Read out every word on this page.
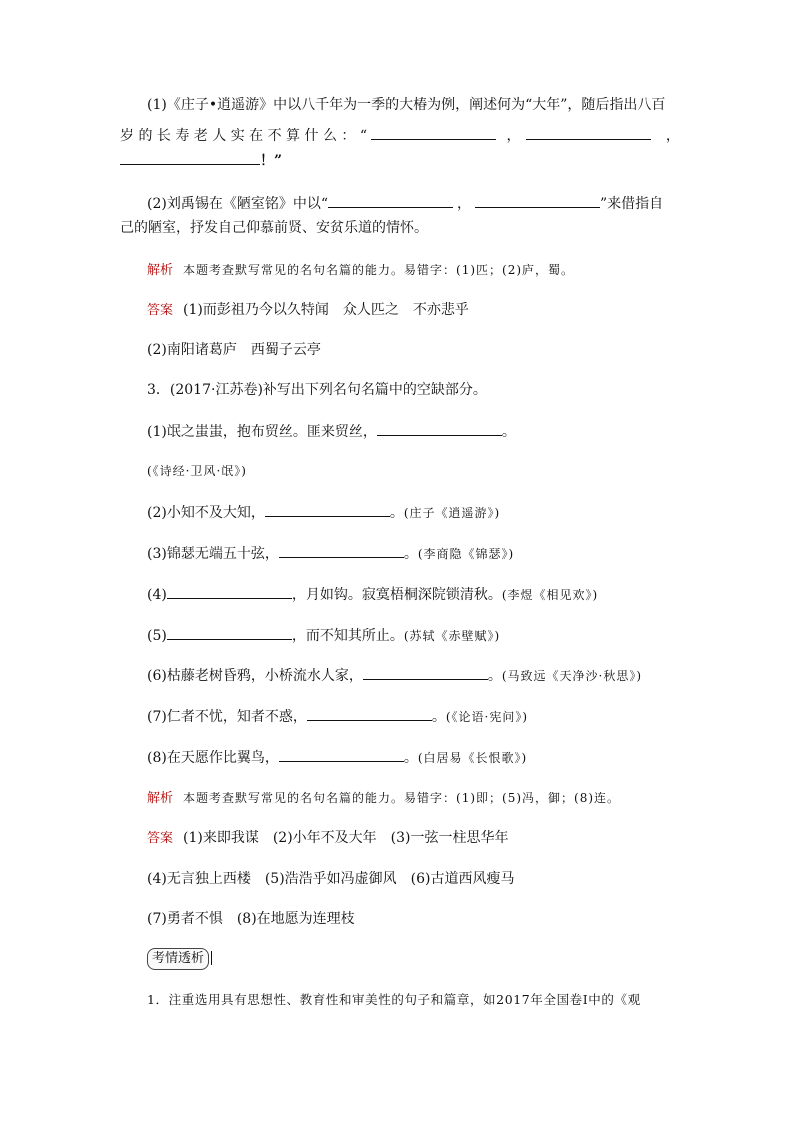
(1)《庄子•逍遥游》中以八千年为一季的大椿为例，阐述何为“大年”，随后指出八百
岁 的 长 寿 老 人 实 在 不 算 什 么 ： “	，	，
！”
(2)刘禹锡在《陋室铭》中以“	，	”来借指自
己的陋室，抒发自己仰慕前贤、安贫乐道的情怀。
解析 本题考查默写常见的名句名篇的能力。易错字：(1)匹；(2)庐，蜀。
答案 (1)而彭祖乃今以久特闻　众人匹之　不亦悲乎
(2)南阳诸葛庐　西蜀子云亭
3．(2017·江苏卷)补写出下列名句名篇中的空缺部分。
(1)氓之蚩蚩，抱布贸丝。匪来贸丝，	。
(《诗经·卫风·氓》)
(2)小知不及大知，	。(庄子《逍遥游》)
(3)锦瑟无端五十弦，	。(李商隐《锦瑟》)
(4)	，月如钩。寂寞梧桐深院锁清秋。(李煜《相见欢》)
(5)	，而不知其所止。(苏轼《赤壁赋》)
(6)枯藤老树昏鸦，小桥流水人家，	。(马致远《天净沙·秋思》)
(7)仁者不忧，知者不惑，	。(《论语·宪问》)
(8)在天愿作比翼鸟，	。(白居易《长恨歌》)
解析 本题考查默写常见的名句名篇的能力。易错字：(1)即；(5)冯，御；(8)连。
答案 (1)来即我谋　(2)小年不及大年　(3)一弦一柱思华年
(4)无言独上西楼　(5)浩浩乎如冯虚御风　(6)古道西风瘦马
(7)勇者不惧　(8)在地愿为连理枝
考情透析
1．注重选用具有思想性、教育性和审美性的句子和篇章，如2017年全国卷Ⅰ中的《观
